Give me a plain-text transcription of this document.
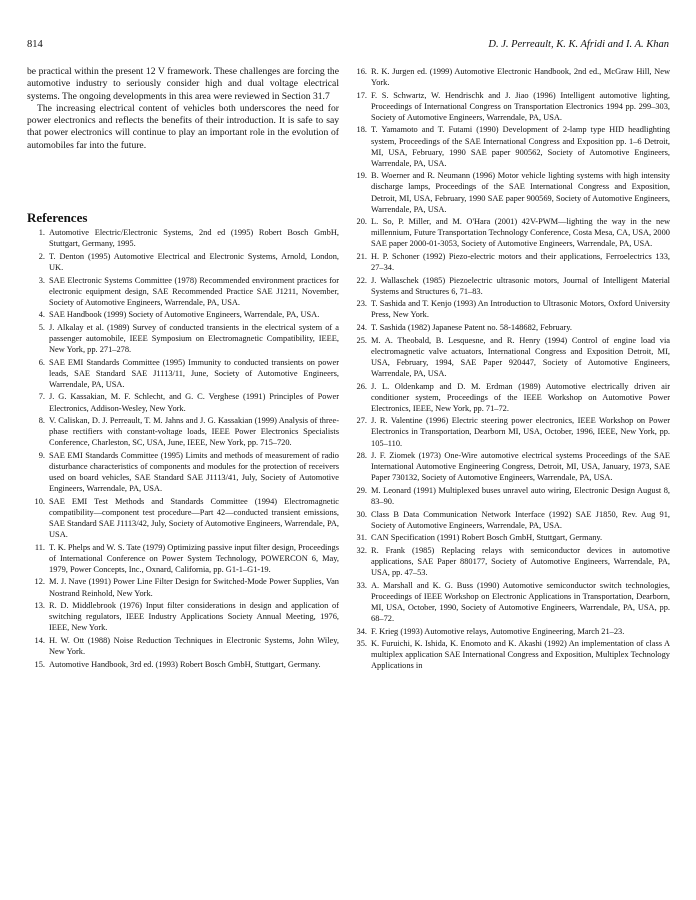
814	D. J. Perreault, K. K. Afridi and I. A. Khan

be practical within the present 12 V framework. These challenges are forcing the automotive industry to seriously consider high and dual voltage electrical systems. The ongoing developments in this area were reviewed in Section 31.7

The increasing electrical content of vehicles both underscores the need for power electronics and reflects the benefits of their introduction. It is safe to say that power electronics will continue to play an important role in the evolution of automobiles far into the future.

References
1. Automotive Electric/Electronic Systems, 2nd ed (1995) Robert Bosch GmbH, Stuttgart, Germany, 1995.
2. T. Denton (1995) Automotive Electrical and Electronic Systems, Arnold, London, UK.
3. SAE Electronic Systems Committee (1978) Recommended environment practices for electronic equipment design, SAE Recommended Practice SAE J1211, November, Society of Automotive Engineers, Warrendale, PA, USA.
4. SAE Handbook (1999) Society of Automotive Engineers, Warrendale, PA, USA.
5. J. Alkalay et al. (1989) Survey of conducted transients in the electrical system of a passenger automobile, IEEE Symposium on Electromagnetic Compatibility, IEEE, New York, pp. 271–278.
6. SAE EMI Standards Committee (1995) Immunity to conducted transients on power leads, SAE Standard SAE J1113/11, June, Society of Automotive Engineers, Warrendale, PA, USA.
7. J. G. Kassakian, M. F. Schlecht, and G. C. Verghese (1991) Principles of Power Electronics, Addison-Wesley, New York.
8. V. Caliskan, D. J. Perreault, T. M. Jahns and J. G. Kassakian (1999) Analysis of three-phase rectifiers with constant-voltage loads, IEEE Power Electronics Specialists Conference, Charleston, SC, USA, June, IEEE, New York, pp. 715–720.
9. SAE EMI Standards Committee (1995) Limits and methods of measurement of radio disturbance characteristics of components and modules for the protection of receivers used on board vehicles, SAE Standard SAE J1113/41, July, Society of Automotive Engineers, Warrendale, PA, USA.
10. SAE EMI Test Methods and Standards Committee (1994) Electromagnetic compatibility—component test procedure—Part 42—conducted transient emissions, SAE Standard SAE J1113/42, July, Society of Automotive Engineers, Warrendale, PA, USA.
11. T. K. Phelps and W. S. Tate (1979) Optimizing passive input filter design, Proceedings of International Conference on Power System Technology, POWERCON 6, May, 1979, Power Concepts, Inc., Oxnard, California, pp. G1-1–G1-19.
12. M. J. Nave (1991) Power Line Filter Design for Switched-Mode Power Supplies, Van Nostrand Reinhold, New York.
13. R. D. Middlebrook (1976) Input filter considerations in design and application of switching regulators, IEEE Industry Applications Society Annual Meeting, 1976, IEEE, New York.
14. H. W. Ott (1988) Noise Reduction Techniques in Electronic Systems, John Wiley, New York.
15. Automotive Handbook, 3rd ed. (1993) Robert Bosch GmbH, Stuttgart, Germany.
16. R. K. Jurgen ed. (1999) Automotive Electronic Handbook, 2nd ed., McGraw Hill, New York.
17. F. S. Schwartz, W. Hendrischk and J. Jiao (1996) Intelligent automotive lighting, Proceedings of International Congress on Transportation Electronics 1994 pp. 299–303, Society of Automotive Engineers, Warrendale, PA, USA.
18. T. Yamamoto and T. Futami (1990) Development of 2-lamp type HID headlighting system, Proceedings of the SAE International Congress and Exposition pp. 1–6 Detroit, MI, USA, February, 1990 SAE paper 900562, Society of Automotive Engineers, Warrendale, PA, USA.
19. B. Woerner and R. Neumann (1996) Motor vehicle lighting systems with high intensity discharge lamps, Proceedings of the SAE International Congress and Exposition, Detroit, MI, USA, February, 1990 SAE paper 900569, Society of Automotive Engineers, Warrendale, PA, USA.
20. L. So, P. Miller, and M. O'Hara (2001) 42V-PWM—lighting the way in the new millennium, Future Transportation Technology Conference, Costa Mesa, CA, USA, 2000 SAE paper 2000-01-3053, Society of Automotive Engineers, Warrendale, PA, USA.
21. H. P. Schoner (1992) Piezo-electric motors and their applications, Ferroelectrics 133, 27–34.
22. J. Wallaschek (1985) Piezoelectric ultrasonic motors, Journal of Intelligent Material Systems and Structures 6, 71–83.
23. T. Sashida and T. Kenjo (1993) An Introduction to Ultrasonic Motors, Oxford University Press, New York.
24. T. Sashida (1982) Japanese Patent no. 58-148682, February.
25. M. A. Theobald, B. Lesquesne, and R. Henry (1994) Control of engine load via electromagnetic valve actuators, International Congress and Exposition Detroit, MI, USA, February, 1994, SAE Paper 920447, Society of Automotive Engineers, Warrendale, PA, USA.
26. J. L. Oldenkamp and D. M. Erdman (1989) Automotive electrically driven air conditioner system, Proceedings of the IEEE Workshop on Automotive Power Electronics, IEEE, New York, pp. 71–72.
27. J. R. Valentine (1996) Electric steering power electronics, IEEE Workshop on Power Electronics in Transportation, Dearborn MI, USA, October, 1996, IEEE, New York, pp. 105–110.
28. J. F. Ziomek (1973) One-Wire automotive electrical systems Proceedings of the SAE International Automotive Engineering Congress, Detroit, MI, USA, January, 1973, SAE Paper 730132, Society of Automotive Engineers, Warrendale, PA, USA.
29. M. Leonard (1991) Multiplexed buses unravel auto wiring, Electronic Design August 8, 83–90.
30. Class B Data Communication Network Interface (1992) SAE J1850, Rev. Aug 91, Society of Automotive Engineers, Warrendale, PA, USA.
31. CAN Specification (1991) Robert Bosch GmbH, Stuttgart, Germany.
32. R. Frank (1985) Replacing relays with semiconductor devices in automotive applications, SAE Paper 880177, Society of Automotive Engineers, Warrendale, PA, USA, pp. 47–53.
33. A. Marshall and K. G. Buss (1990) Automotive semiconductor switch technologies, Proceedings of IEEE Workshop on Electronic Applications in Transportation, Dearborn, MI, USA, October, 1990, Society of Automotive Engineers, Warrendale, PA, USA, pp. 68–72.
34. F. Krieg (1993) Automotive relays, Automotive Engineering, March 21–23.
35. K. Furuichi, K. Ishida, K. Enomoto and K. Akashi (1992) An implementation of class A multiplex application SAE International Congress and Exposition, Multiplex Technology Applications in
